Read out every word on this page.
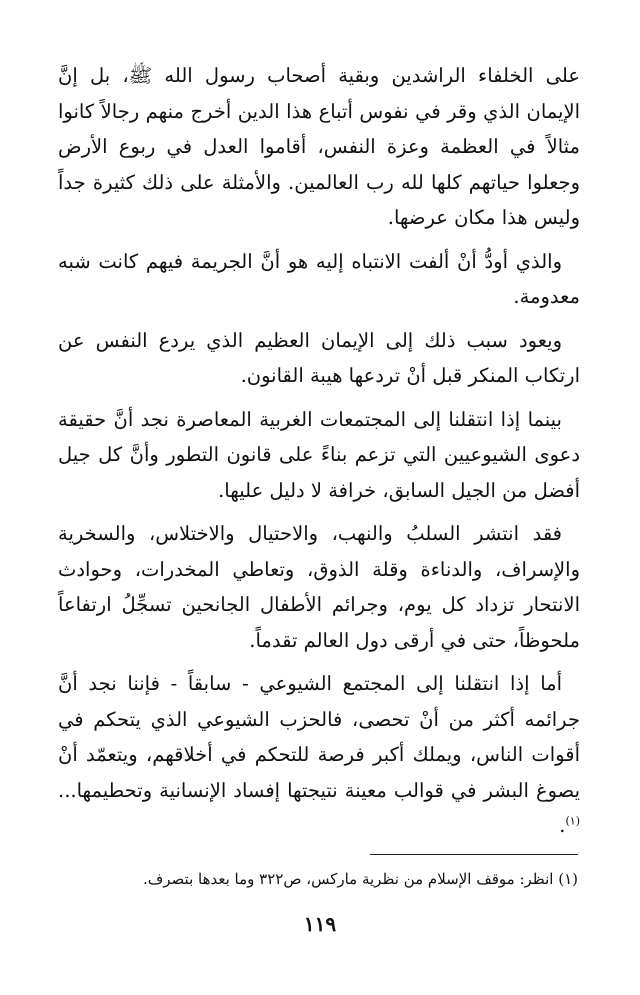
على الخلفاء الراشدين وبقية أصحاب رسول الله ﷺ، بل إنَّ الإيمان الذي وقر في نفوس أتباع هذا الدين أخرج منهم رجالاً كانوا مثالاً في العظمة وعزة النفس، أقاموا العدل في ربوع الأرض وجعلوا حياتهم كلها لله رب العالمين. والأمثلة على ذلك كثيرة جداً وليس هذا مكان عرضها.

والذي أودُّ أنْ ألفت الانتباه إليه هو أنَّ الجريمة فيهم كانت شبه معدومة.

ويعود سبب ذلك إلى الإيمان العظيم الذي يردع النفس عن ارتكاب المنكر قبل أنْ تردعها هيبة القانون.

بينما إذا انتقلنا إلى المجتمعات الغربية المعاصرة نجد أنَّ حقيقة دعوى الشيوعيين التي تزعم بناءً على قانون التطور وأنَّ كل جيل أفضل من الجيل السابق، خرافة لا دليل عليها.

فقد انتشر السلبُ والنهب، والاحتيال والاختلاس، والسخرية والإسراف، والدناءة وقلة الذوق، وتعاطي المخدرات، وحوادث الانتحار تزداد كل يوم، وجرائم الأطفال الجانحين تسجِّلُ ارتفاعاً ملحوظاً، حتى في أرقى دول العالم تقدماً.

أما إذا انتقلنا إلى المجتمع الشيوعي - سابقاً - فإننا نجد أنَّ جرائمه أكثر من أنْ تحصى، فالحزب الشيوعي الذي يتحكم في أقوات الناس، ويملك أكبر فرصة للتحكم في أخلاقهم، ويتعمّد أنْ يصوغ البشر في قوالب معينة نتيجتها إفساد الإنسانية وتحطيمها...$^{(١)}$.

(١) انظر: موقف الإسلام من نظرية ماركس، ص٣٢٢ وما بعدها بتصرف.
١١٩
